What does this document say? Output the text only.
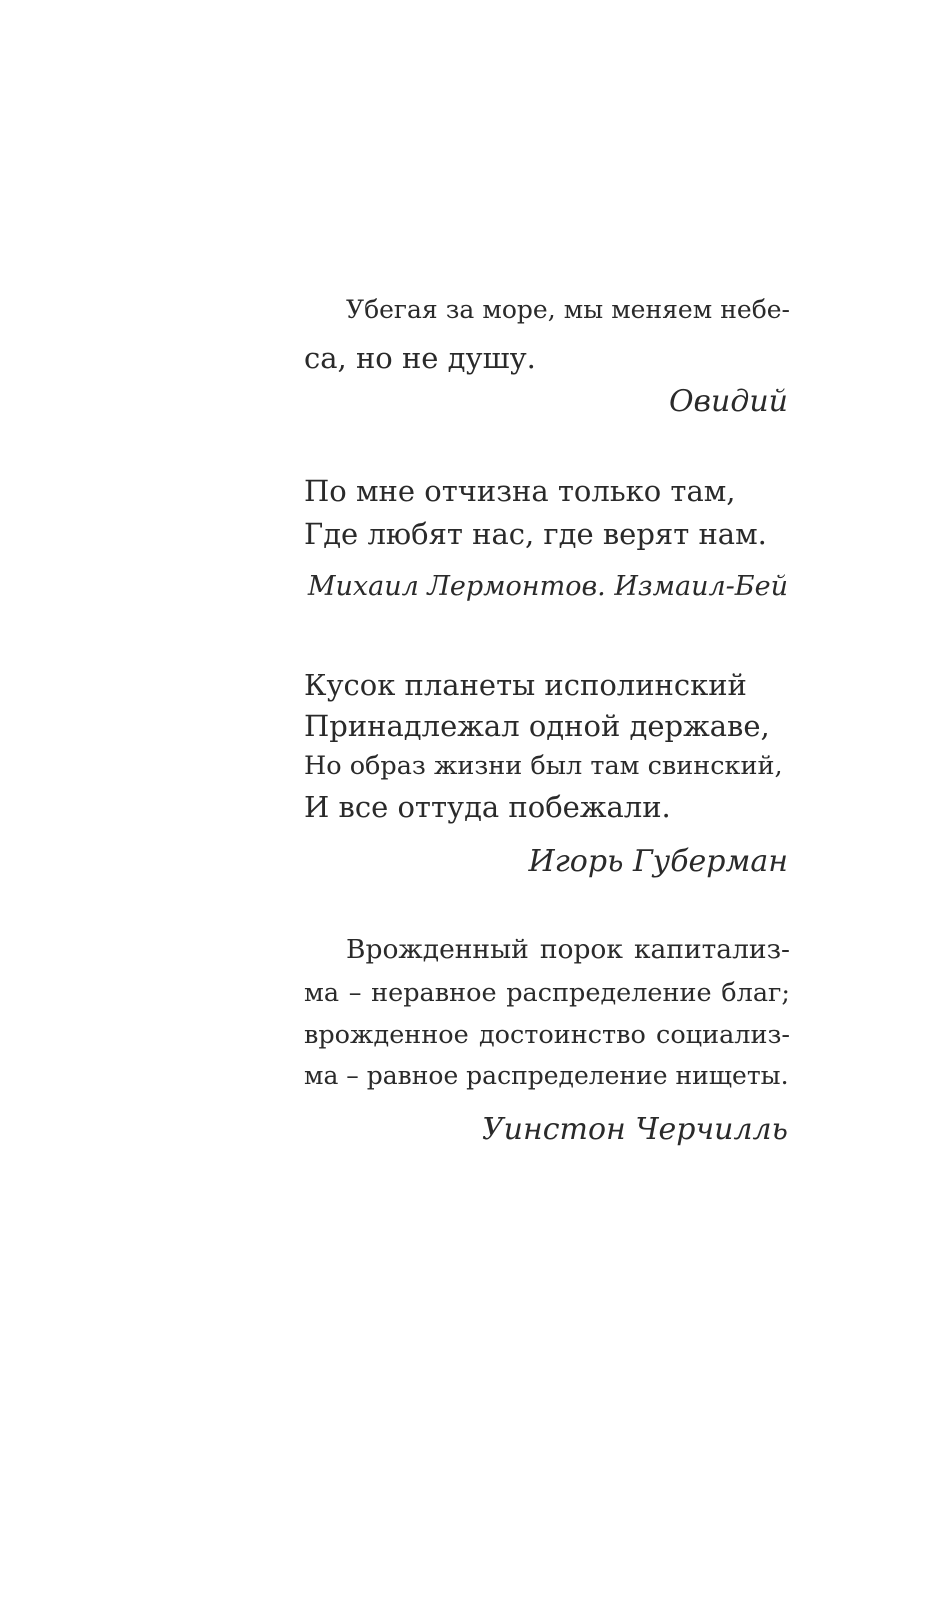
Убегая за море, мы меняем небе-
са, но не душу.
Овидий
По мне отчизна только там,
Где любят нас, где верят нам.
Михаил Лермонтов. Измаил-Бей
Кусок планеты исполинский
Принадлежал одной державе,
Но образ жизни был там свинский,
И все оттуда побежали.
Игорь Губерман
Врожденный порок капитализ-
ма – неравное распределение благ;
врожденное достоинство социализ-
ма – равное распределение нищеты.
Уинстон Черчилль
